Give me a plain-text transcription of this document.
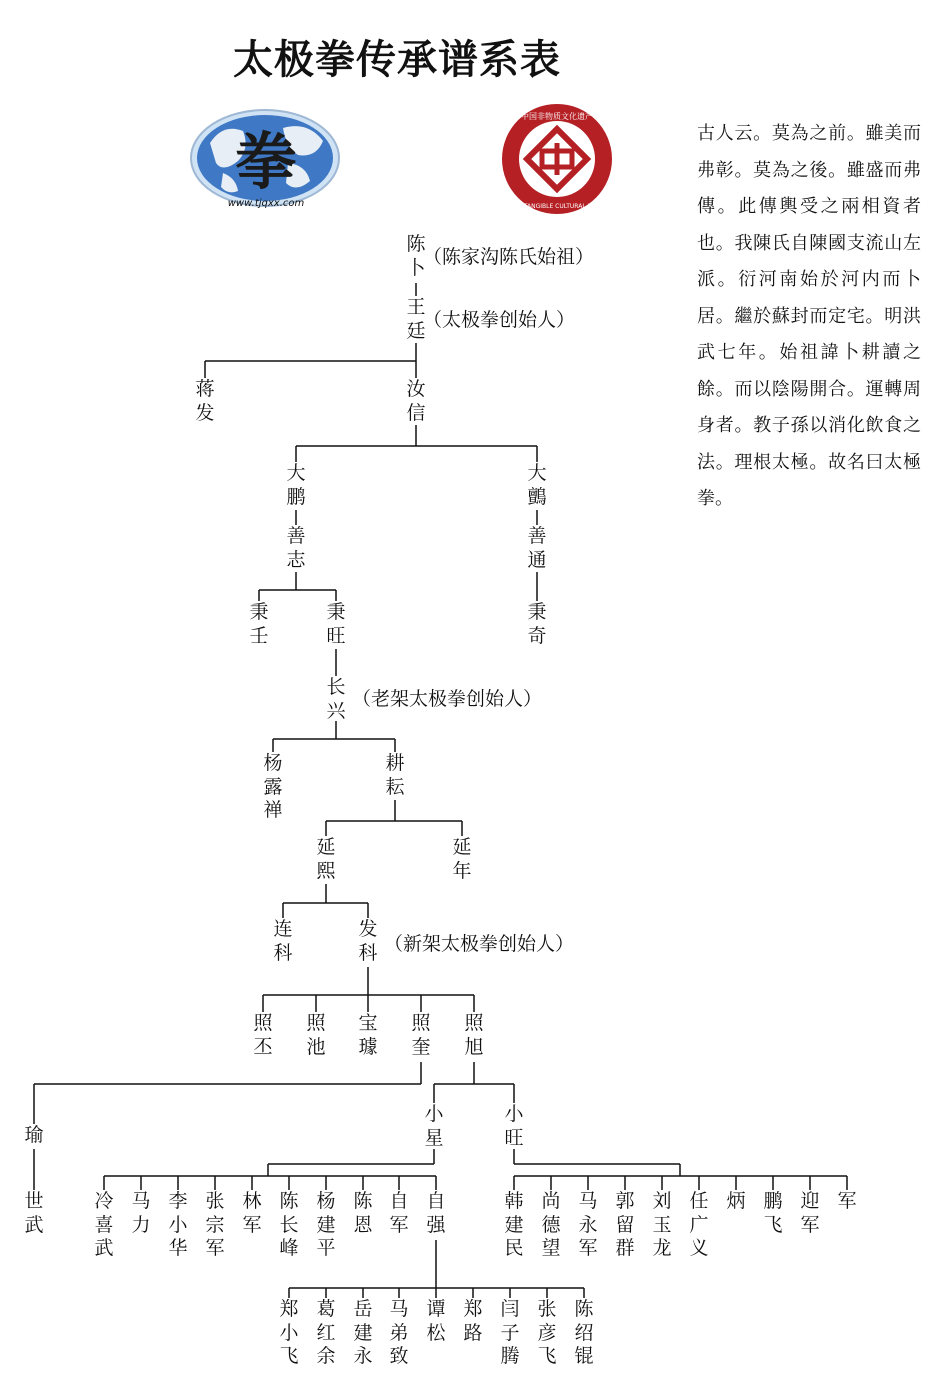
太极拳传承谱系表
拳
www.tjqxx.com
中国非物质文化遗产
CHINA INTANGIBLE CULTURAL HERITAGE
陈
卜
（陈家沟陈氏始祖）
王
廷
（太极拳创始人）
蒋
发
汝
信
大
鹏
善
志
大
鸇
善
通
秉
壬
秉
旺
秉
奇
长
兴
（老架太极拳创始人）
杨
露
禅
耕
耘
延
熙
延
年
连
科
发
科 （新架太极拳创始人）
照
丕
照
池
宝
璩
照
奎
照
旭
瑜
小
星
小
旺
世
武
冷
喜
武
马
力
李
小
华
张
宗
军
林
军
陈
长
峰
杨
建
平
陈
恩
自
军
自
强
韩
建
民
尚
德
望
马
永
军
郭
留
群
刘
玉
龙
任
广
义
炳 鹏
飞
迎
军
军
郑
小
飞
葛
红
余
岳
建
永
马
弟
致
谭
松
郑
路
闫
子
腾
张
彦
飞
陈
绍
锟
古人云。莫為之前。雖美而弗彰。莫為之後。雖盛而弗傳。此傳輿受之兩相資者也。我陳氏自陳國支流山左派。衍河南始於河内而卜居。繼於蘇封而定宅。明洪武七年。始祖諱卜耕讀之餘。而以陰陽開合。運轉周身者。教子孫以消化飲食之法。理根太極。故名曰太極拳。
